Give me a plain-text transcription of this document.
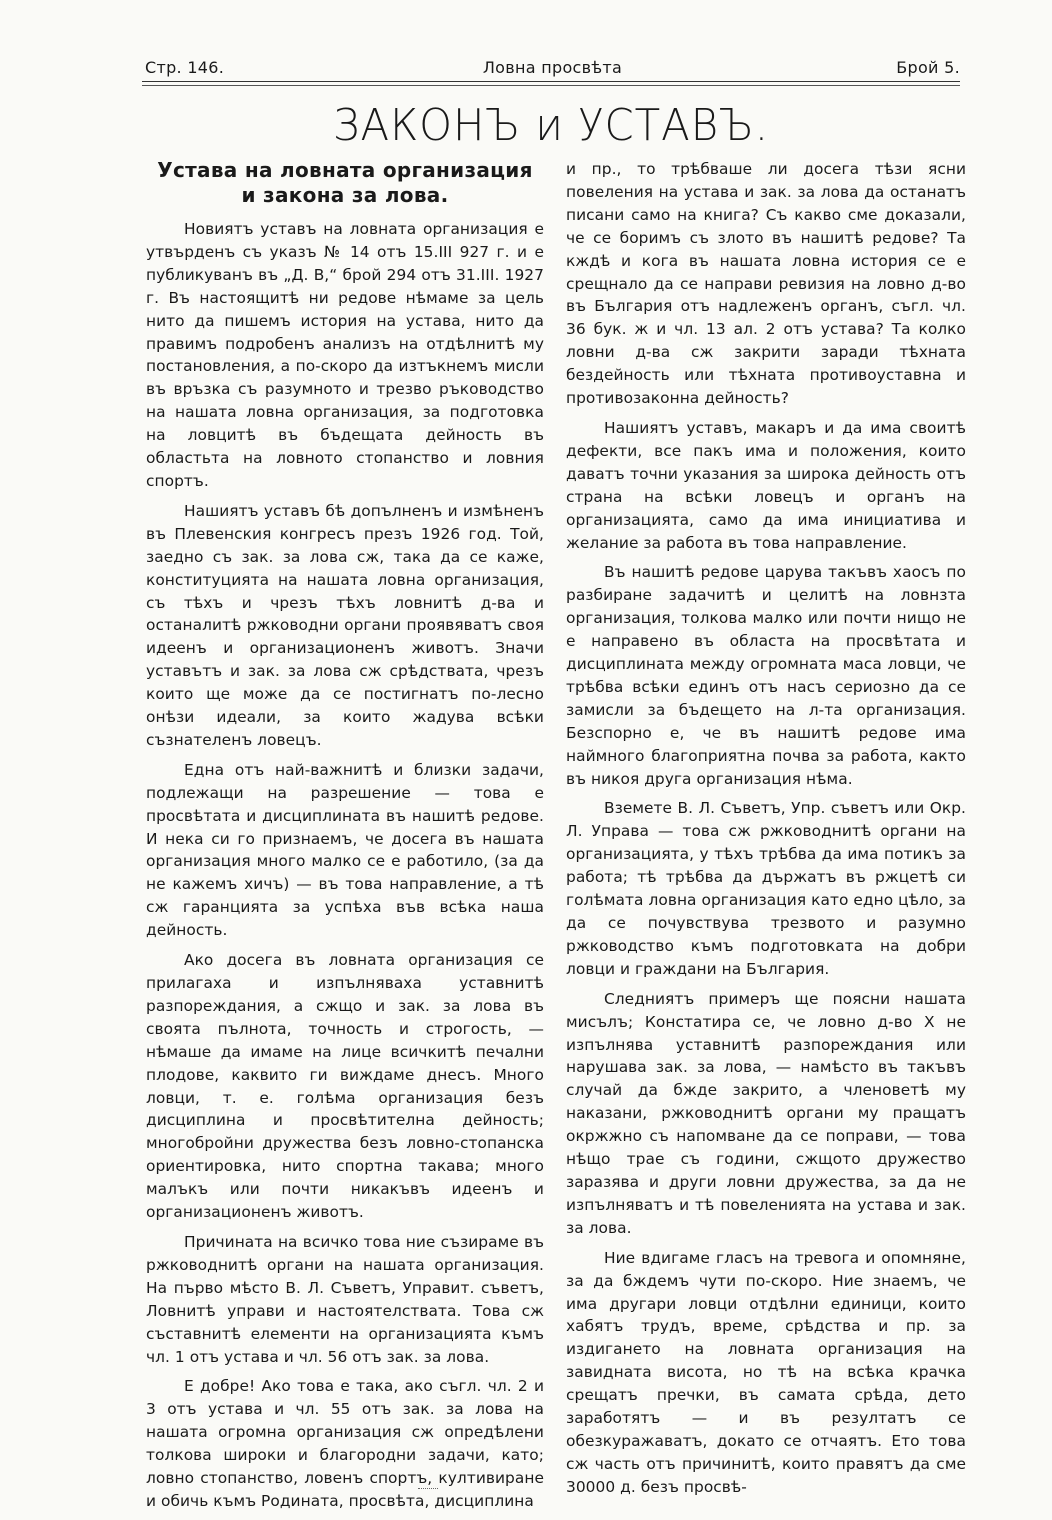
Стр. 146.	Ловна просвѣта	Брой 5.
ЗАКОНЪ и УСТАВЪ.
Устава на ловната организация
и закона за лова.

Новиятъ уставъ на ловната организация е утвърденъ съ указъ № 14 отъ 15.III 927 г. и е публикуванъ въ „Д. В,“ брой 294 отъ 31.III. 1927 г. Въ настоящитѣ ни редове нѣмаме за цель нито да пишемъ история на устава, нито да правимъ подробенъ анализъ на отдѣлнитѣ му постановления, а по-скоро да изтъкнемъ мисли въ връзка съ разумното и трезво ръководство на нашата ловна организация, за подготовка на ловцитѣ въ бъдещата дейность въ областьта на ловното стопанство и ловния спортъ.

Нашиятъ уставъ бѣ допълненъ и измѣненъ въ Плевенския конгресъ презъ 1926 год. Той, заедно съ зак. за лова сж, така да се каже, конституцията на нашата ловна организация, съ тѣхъ и чрезъ тѣхъ ловнитѣ д-ва и останалитѣ ржководни органи проявяватъ своя идеенъ и организационенъ животъ. Значи уставътъ и зак. за лова сж срѣдствата, чрезъ които ще може да се постигнатъ по-лесно онѣзи идеали, за които жадува всѣки съзнателенъ ловецъ.

Една отъ най-важнитѣ и близки задачи, подлежащи на разрешение — това е просвѣтата и дисциплината въ нашитѣ редове. И нека си го признаемъ, че досега въ нашата организация много малко се е работило, (за да не кажемъ хичъ) — въ това направление, а тѣ сж гаранцията за успѣха във всѣка наша дейность.

Ако досега въ ловната организация се прилагаха и изпълняваха уставнитѣ разпореждания, а сжщо и зак. за лова въ своята пълнота, точность и строгость, — нѣмаше да имаме на лице всичкитѣ печални плодове, каквито ги виждаме днесъ. Много ловци, т. е. голѣма организация безъ дисциплина и просвѣтителна дейность; многобройни дружества безъ ловно-стопанска ориентировка, нито спортна такава; много малъкъ или почти никакъвъ идеенъ и организационенъ животъ.

Причината на всичко това ние съзираме въ ржководнитѣ органи на нашата организация. На първо мѣсто В. Л. Съветъ, Управит. съветъ, Ловнитѣ управи и настоятелствата. Това сж съставнитѣ елементи на организацията къмъ чл. 1 отъ устава и чл. 56 отъ зак. за лова.

Е добре! Ако това е така, ако съгл. чл. 2 и 3 отъ устава и чл. 55 отъ зак. за лова на нашата огромна организация сж опредѣлени толкова широки и благородни задачи, като; ловно стопанство, ловенъ спортъ, култивиране и обичь къмъ Родината, просвѣта, дисциплина

и пр., то трѣбваше ли досега тѣзи ясни повеления на устава и зак. за лова да останатъ писани само на книга? Съ какво сме доказали, че се боримъ съ злото въ нашитѣ редове? Та кждѣ и кога въ нашата ловна история се е срещнало да се направи ревизия на ловно д-во въ България отъ надлеженъ органъ, съгл. чл. 36 бук. ж и чл. 13 ал. 2 отъ устава? Та колко ловни д-ва сж закрити заради тѣхната бездейность или тѣхната противоуставна и противозаконна дейность?

Нашиятъ уставъ, макаръ и да има своитѣ дефекти, все пакъ има и положения, които даватъ точни указания за широка дейность отъ страна на всѣки ловецъ и органъ на организацията, само да има инициатива и желание за работа въ това направление.

Въ нашитѣ редове царува такъвъ хаосъ по разбиране задачитѣ и целитѣ на ловнзта организация, толкова малко или почти нищо не е направено въ областа на просвѣтата и дисциплината между огромната маса ловци, че трѣбва всѣки единъ отъ насъ сериозно да се замисли за бъдещето на л-та организация. Безспорно е, че въ нашитѣ редове има наймного благоприятна почва за работа, както въ никоя друга организация нѣма.

Вземете В. Л. Съветъ, Упр. съветъ или Окр. Л. Управа — това сж ржководнитѣ органи на организацията, у тѣхъ трѣбва да има потикъ за работа; тѣ трѣбва да държатъ въ ржцетѣ си голѣмата ловна организация като едно цѣло, за да се почувствува трезвото и разумно ржководство къмъ подготовката на добри ловци и граждани на България.

Следниятъ примеръ ще поясни нашата мисълъ; Констатира се, че ловно д-во X не изпълнява уставнитѣ разпореждания или нарушава зак. за лова, — намѣсто въ такъвъ случай да бжде закрито, а членоветѣ му наказани, ржководнитѣ органи му пращатъ окржжно съ напомване да се поправи, — това нѣщо трае съ години, сжщото дружество заразява и други ловни дружества, за да не изпълняватъ и тѣ повеленията на устава и зак. за лова.

Ние вдигаме гласъ на тревога и опомняне, за да бждемъ чути по-скоро. Ние знаемъ, че има другари ловци отдѣлни единици, които хабятъ трудъ, време, срѣдства и пр. за издигането на ловната организация на завидната висота, но тѣ на всѣка крачка срещатъ пречки, въ самата срѣда, дето заработятъ — и въ резултатъ се обезкуражаватъ, докато се отчаятъ. Ето това сж часть отъ причинитѣ, които правятъ да сме 30000 д. безъ просвѣ-
